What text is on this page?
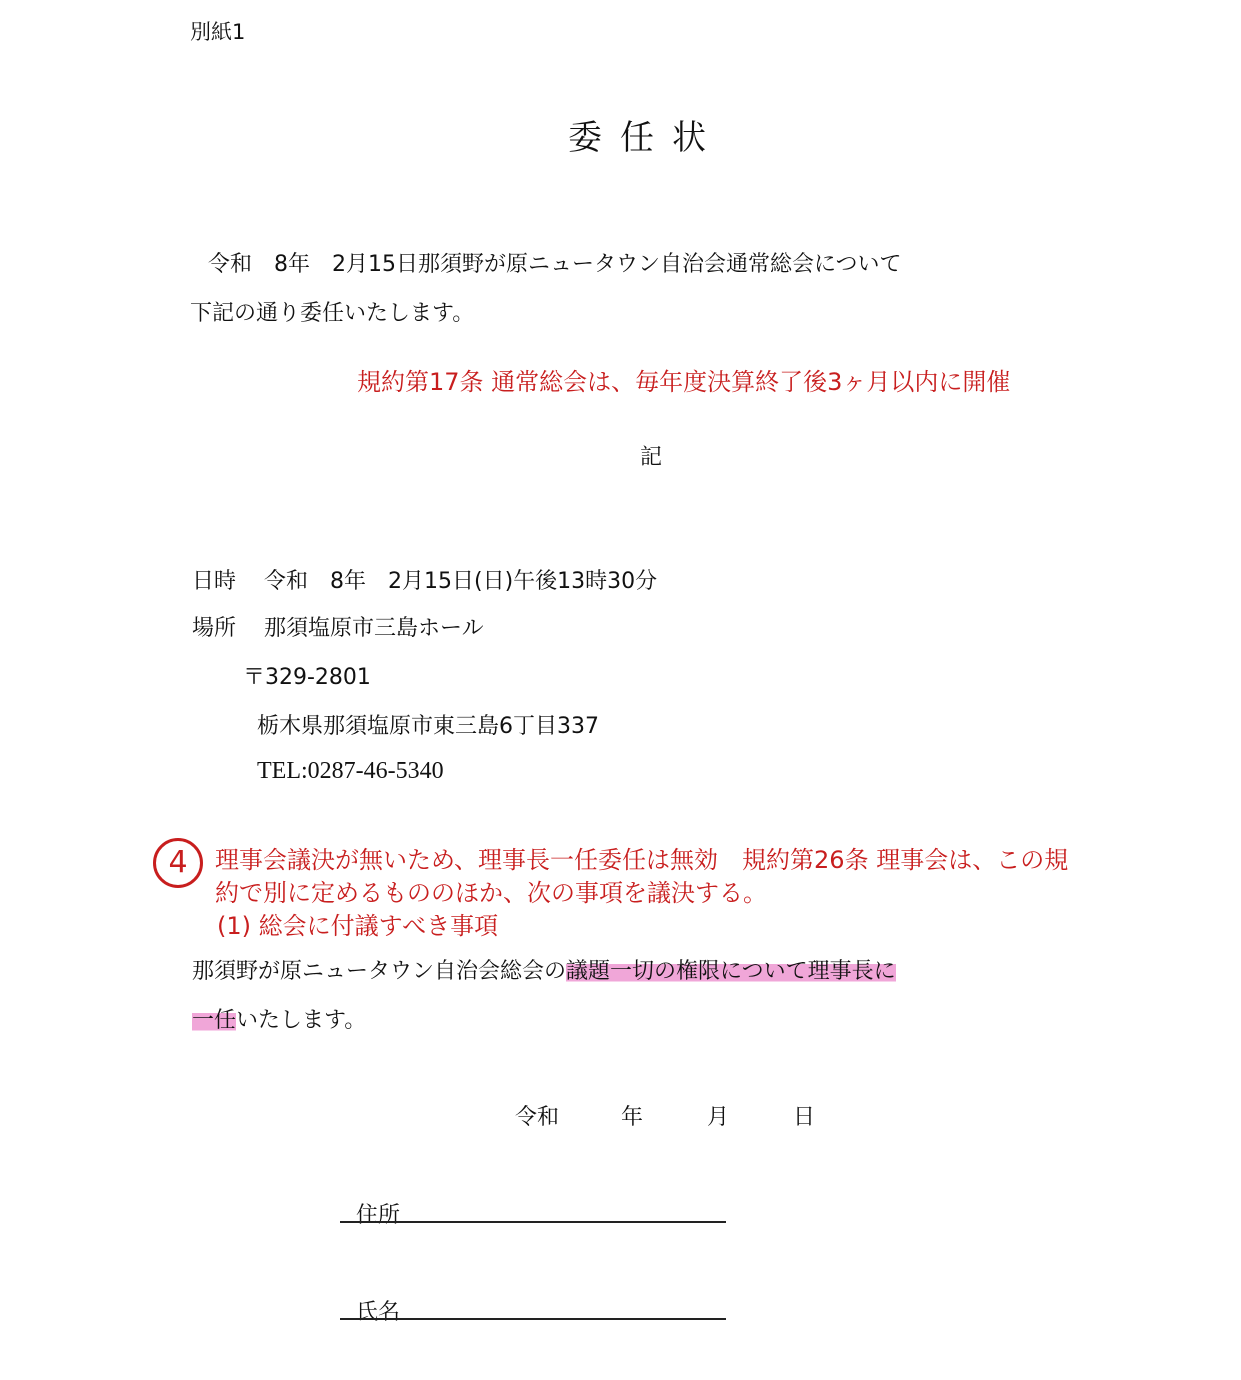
別紙1
委任状
令和　8年　2月15日那須野が原ニュータウン自治会通常総会について
下記の通り委任いたします。
規約第17条 通常総会は、毎年度決算終了後3ヶ月以内に開催
記
日時 令和　8年　2月15日(日)午後13時30分
場所 那須塩原市三島ホール
〒329-2801
栃木県那須塩原市東三島6丁目337
TEL:0287-46-5340
4	理事会議決が無いため、理事長一任委任は無効　規約第26条 理事会は、この規
約で別に定めるもののほか、次の事項を議決する。
(1) 総会に付議すべき事項
那須野が原ニュータウン自治会総会の議題一切の権限について理事長に
一任いたします。
令和	年	月	日
住所
氏名
